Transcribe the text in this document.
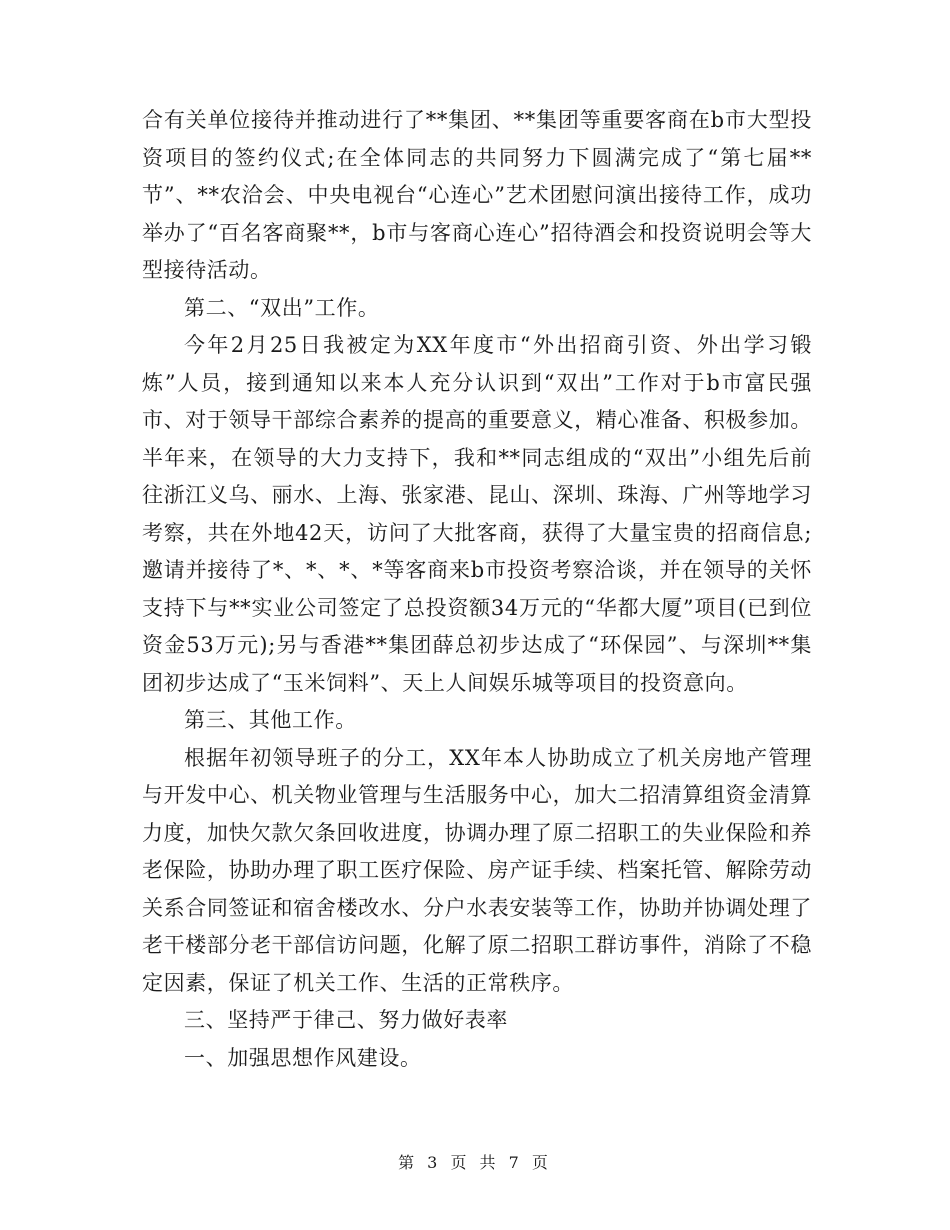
合有关单位接待并推动进行了**集团、**集团等重要客商在b市大型投资项目的签约仪式;在全体同志的共同努力下圆满完成了“第七届**节”、**农洽会、中央电视台“心连心”艺术团慰问演出接待工作，成功举办了“百名客商聚**，b市与客商心连心”招待酒会和投资说明会等大型接待活动。

第二、“双出”工作。

今年2月25日我被定为XX年度市“外出招商引资、外出学习锻炼”人员，接到通知以来本人充分认识到“双出”工作对于b市富民强市、对于领导干部综合素养的提高的重要意义，精心准备、积极参加。半年来，在领导的大力支持下，我和**同志组成的“双出”小组先后前往浙江义乌、丽水、上海、张家港、昆山、深圳、珠海、广州等地学习考察，共在外地42天，访问了大批客商，获得了大量宝贵的招商信息;邀请并接待了*、*、*、*等客商来b市投资考察洽谈，并在领导的关怀支持下与**实业公司签定了总投资额34万元的“华都大厦”项目(已到位资金53万元);另与香港**集团薛总初步达成了“环保园”、与深圳**集团初步达成了“玉米饲料”、天上人间娱乐城等项目的投资意向。

第三、其他工作。

根据年初领导班子的分工，XX年本人协助成立了机关房地产管理与开发中心、机关物业管理与生活服务中心，加大二招清算组资金清算力度，加快欠款欠条回收进度，协调办理了原二招职工的失业保险和养老保险，协助办理了职工医疗保险、房产证手续、档案托管、解除劳动关系合同签证和宿舍楼改水、分户水表安装等工作，协助并协调处理了老干楼部分老干部信访问题，化解了原二招职工群访事件，消除了不稳定因素，保证了机关工作、生活的正常秩序。

三、坚持严于律己、努力做好表率

一、加强思想作风建设。

第 3 页 共 7 页
